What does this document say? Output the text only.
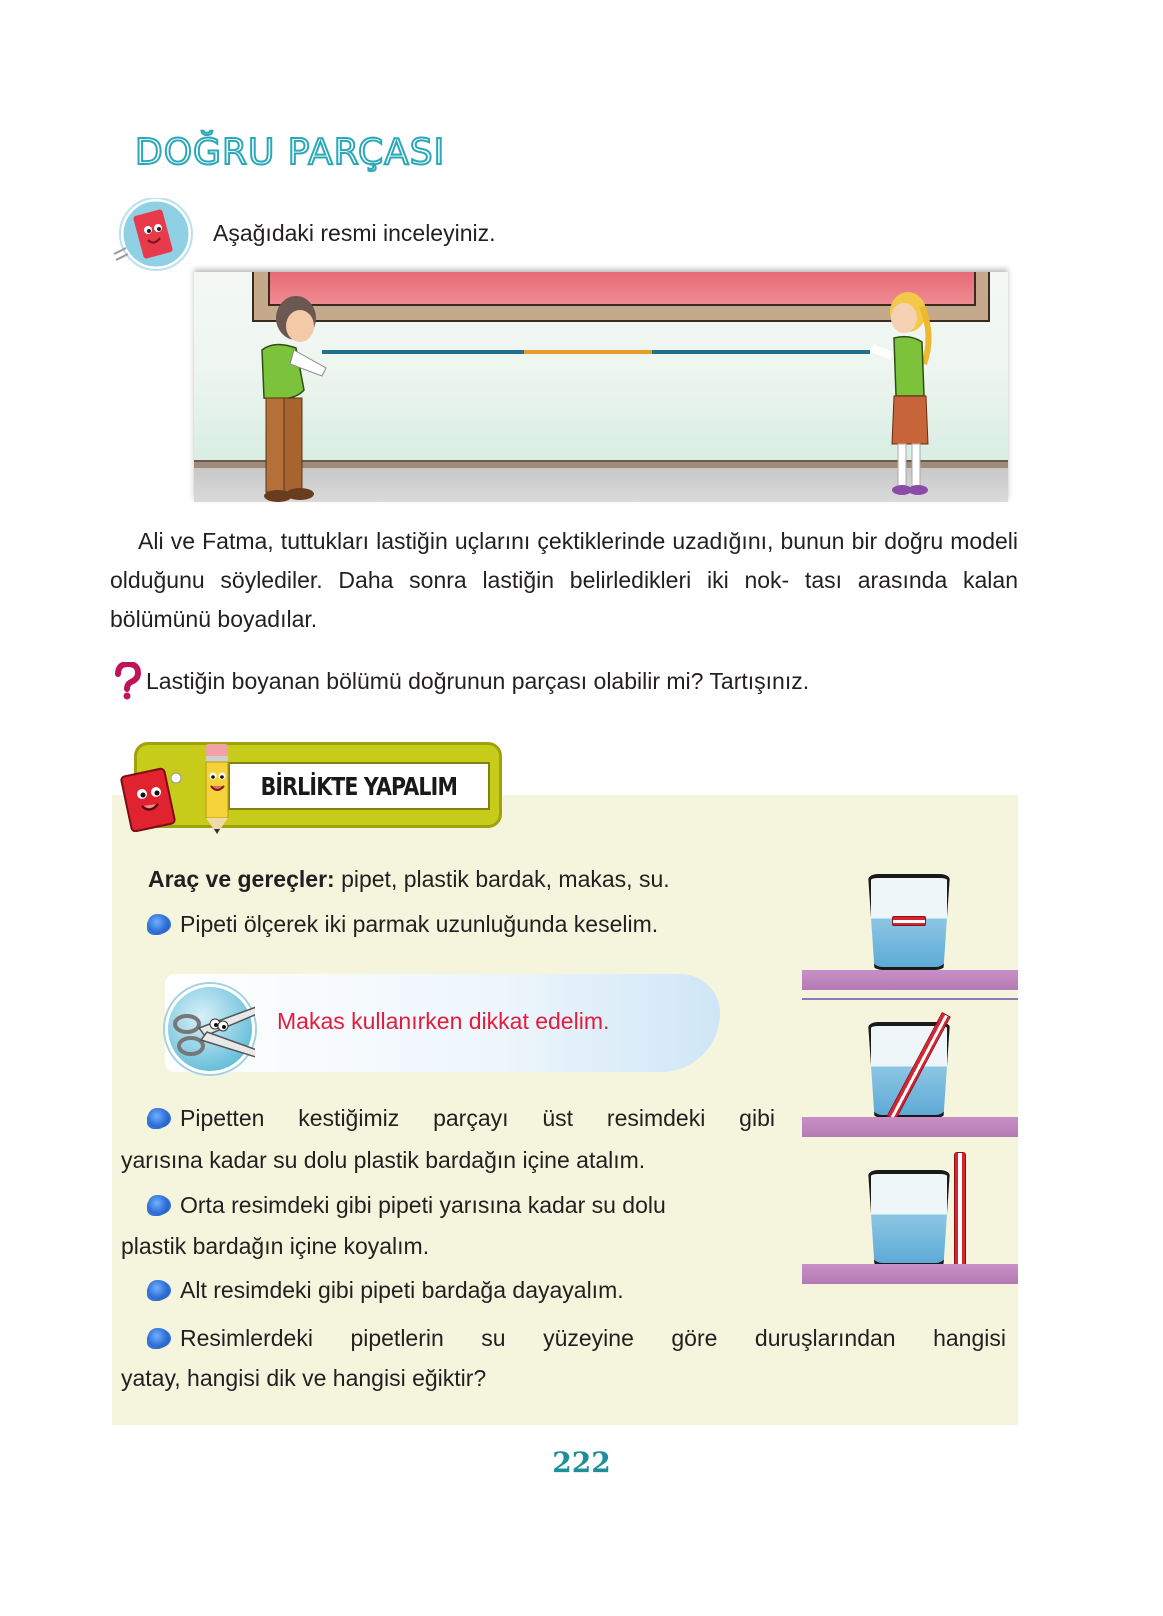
DOĞRU PARÇASI
Aşağıdaki resmi inceleyiniz.
Ali ve Fatma, tuttukları lastiğin uçlarını çektiklerinde uzadığını, bunun bir doğru modeli olduğunu söylediler. Daha sonra lastiğin belirledikleri iki nok- tası arasında kalan bölümünü boyadılar.
Lastiğin boyanan bölümü doğrunun parçası olabilir mi? Tartışınız.
BİRLİKTE YAPALIM
Araç ve gereçler: pipet, plastik bardak, makas, su.
Pipeti ölçerek iki parmak uzunluğunda keselim.
Makas kullanırken dikkat edelim.
Pipetten kestiğimiz parçayı üst resimdeki gibi
yarısına kadar su dolu plastik bardağın içine atalım.
Orta resimdeki gibi pipeti yarısına kadar su dolu
plastik bardağın içine koyalım.
Alt resimdeki gibi pipeti bardağa dayayalım.
Resimlerdeki pipetlerin su yüzeyine göre duruşlarından hangisi
yatay, hangisi dik ve hangisi eğiktir?
222
